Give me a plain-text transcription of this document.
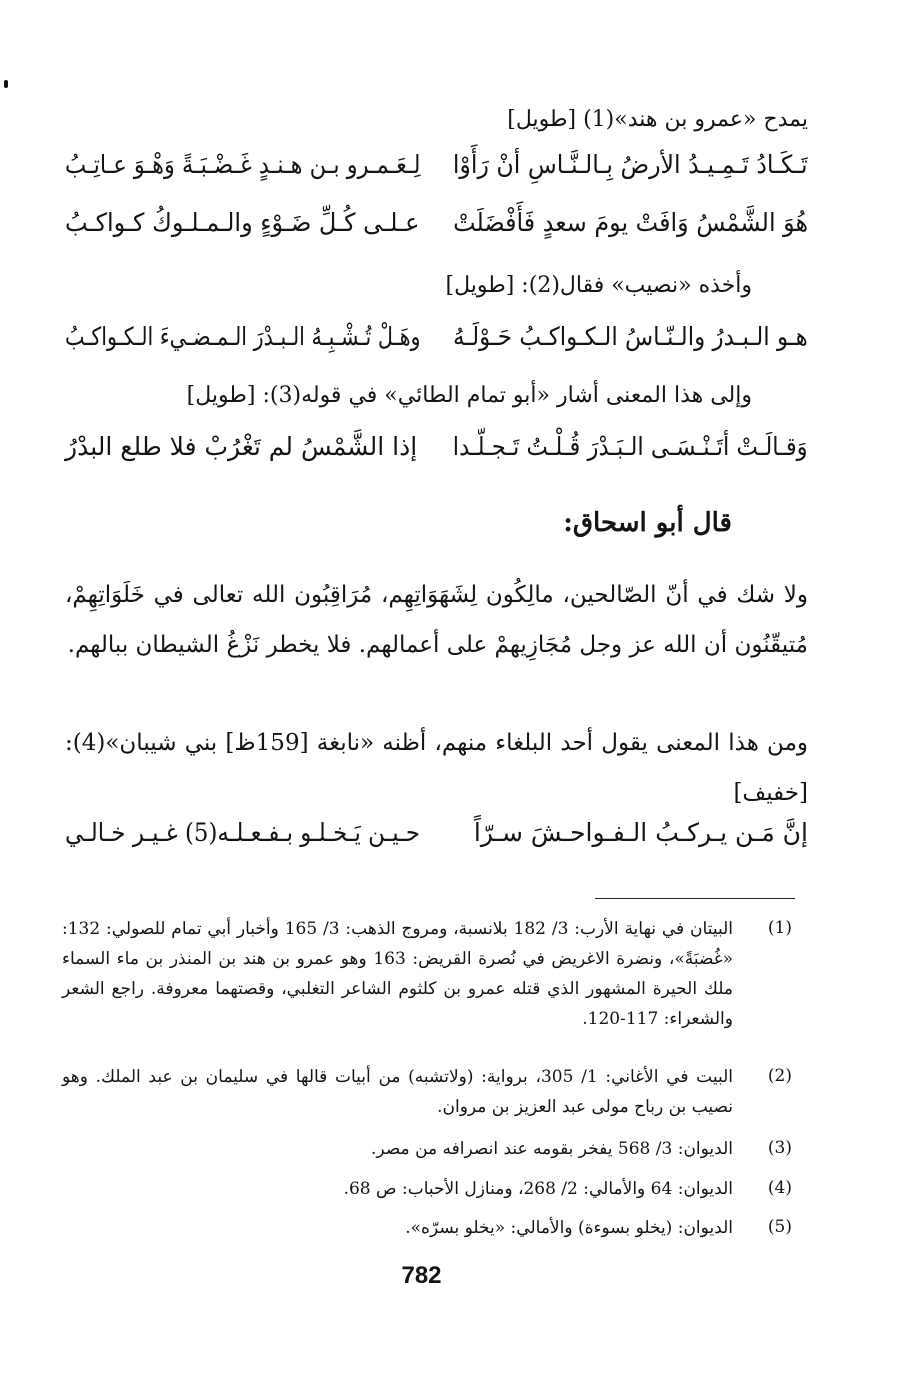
يمدح «عمرو بن هند»(1) [طويل]
تَـكَـادُ تَـمِـيـدُ الأرضُ بِـالـنَّـاسِ أنْ رَأَوْا
لِـعَـمـرو بـن هـنـدٍ غَـضْـبَـةً وَهْـوَ عـاتِـبُ
هُوَ الشَّمْسُ وَافَتْ يومَ سعدٍ فَأَفْضَلَتْ
عـلـى كُـلِّ ضَـوْءٍ والـمـلـوكُ كـواكـبُ
وأخذه «نصيب» فقال(2): [طويل]
هـو الـبـدرُ والـنّـاسُ الـكـواكـبُ حَـوْلَـهُ
وهَـلْ تُـشْـبِـهُ الـبـدْرَ الـمـضـيءَ الـكـواكـبُ
وإلى هذا المعنى أشار «أبو تمام الطائي» في قوله(3): [طويل]
وَقـالَـتْ أتَـنْـسَـى الـبَـدْرَ قُـلْـتُ تَـجـلّـدا
إذا الشَّمْسُ لم تَغْرُبْ فلا طلع البدْرُ
قال أبو اسحاق:
ولا شك في أنّ الصّالحين، مالِكُون لِشَهَوَاتِهِم، مُرَاقِبُون الله تعالى في خَلَوَاتِهِمْ، مُتيقّنُون أن الله عز وجل مُجَازِيهمْ على أعمالهم. فلا يخطر نَزْغُ الشيطان ببالهم.
ومن هذا المعنى يقول أحد البلغاء منهم، أظنه «نابغة [159ظ] بني شيبان»(4): [خفيف]
إنَّ مَـن يـركـبُ الـفـواحـشَ سـرّاً
حـيـن يَـخـلـو بـفـعـلـه(5) غـيـر خـالـي
(1)
البيتان في نهاية الأرب: 3/ 182 بلانسبة، ومروج الذهب: 3/ 165 وأخبار أبي تمام للصولي: 132: «غُضبَةً»، ونضرة الاغريض في نُصرة القريض: 163 وهو عمرو بن هند بن المنذر بن ماء السماء ملك الحيرة المشهور الذي قتله عمرو بن كلثوم الشاعر التغلبي، وقصتهما معروفة. راجع الشعر والشعراء: 117-120.
(2)
البيت في الأغاني: 1/ 305، برواية: (ولاتشبه) من أبيات قالها في سليمان بن عبد الملك. وهو نصيب بن رباح مولى عبد العزيز بن مروان.
(3)
الديوان: 3/ 568 يفخر بقومه عند انصرافه من مصر.
(4)
الديوان: 64 والأمالي: 2/ 268، ومنازل الأحباب: ص 68.
(5)
الديوان: (يخلو بسوءة) والأمالي: «يخلو بسرّه».
782
